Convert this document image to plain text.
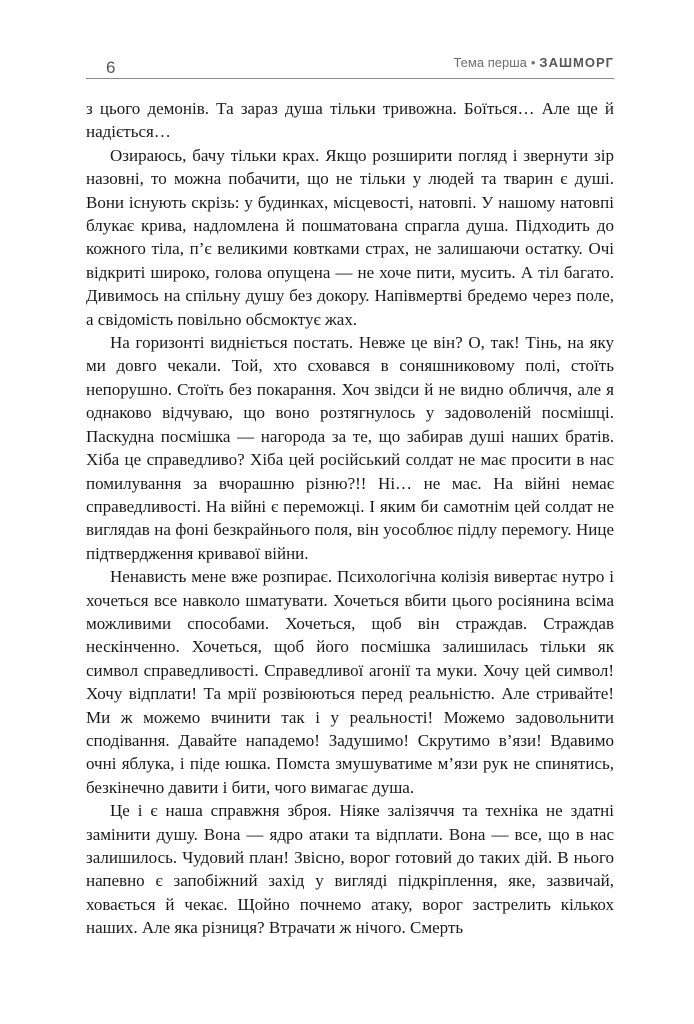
6	Тема перша • ЗАШМОРГ

з цього демонів. Та зараз душа тільки тривожна. Боїться… Але ще й надіється…

Озираюсь, бачу тільки крах. Якщо розширити погляд і звернути зір назовні, то можна побачити, що не тільки у людей та тварин є душі. Вони існують скрізь: у будинках, місцевості, натовпі. У нашому натовпі блукає крива, надломлена й пошматована спрагла душа. Підходить до кожного тіла, п’є великими ковтками страх, не залишаючи остатку. Очі відкриті широко, голова опущена — не хоче пити, мусить. А тіл багато. Дивимось на спільну душу без докору. Напівмертві бредемо через поле, а свідомість повільно обсмоктує жах.

На горизонті видніється постать. Невже це він? О, так! Тінь, на яку ми довго чекали. Той, хто сховався в соняшниковому полі, стоїть непорушно. Стоїть без покарання. Хоч звідси й не видно обличчя, але я однаково відчуваю, що воно розтягнулось у задоволеній посмішці. Паскудна посмішка — нагорода за те, що забирав душі наших братів. Хіба це справедливо? Хіба цей російський солдат не має просити в нас помилування за вчорашню різню?!! Ні… не має. На війні немає справедливості. На війні є переможці. І яким би самотнім цей солдат не виглядав на фоні безкрайнього поля, він уособлює підлу перемогу. Нице підтвердження кривавої війни.

Ненависть мене вже розпирає. Психологічна колізія вивертає нутро і хочеться все навколо шматувати. Хочеться вбити цього росіянина всіма можливими способами. Хочеться, щоб він страждав. Страждав нескінченно. Хочеться, щоб його посмішка залишилась тільки як символ справедливості. Справедливої агонії та муки. Хочу цей символ! Хочу відплати! Та мрії розвіюються перед реальністю. Але стривайте! Ми ж можемо вчинити так і у реальності! Можемо задовольнити сподівання. Давайте нападемо! Задушимо! Скрутимо в’язи! Вдавимо очні яблука, і піде юшка. Помста змушуватиме м’язи рук не спинятись, безкінечно давити і бити, чого вимагає душа.

Це і є наша справжня зброя. Ніяке залізяччя та техніка не здатні замінити душу. Вона — ядро атаки та відплати. Вона — все, що в нас залишилось. Чудовий план! Звісно, ворог готовий до таких дій. В нього напевно є запобіжний захід у вигляді підкріплення, яке, зазвичай, ховається й чекає. Щойно почнемо атаку, ворог застрелить кількох наших. Але яка різниця? Втрачати ж нічого. Смерть
